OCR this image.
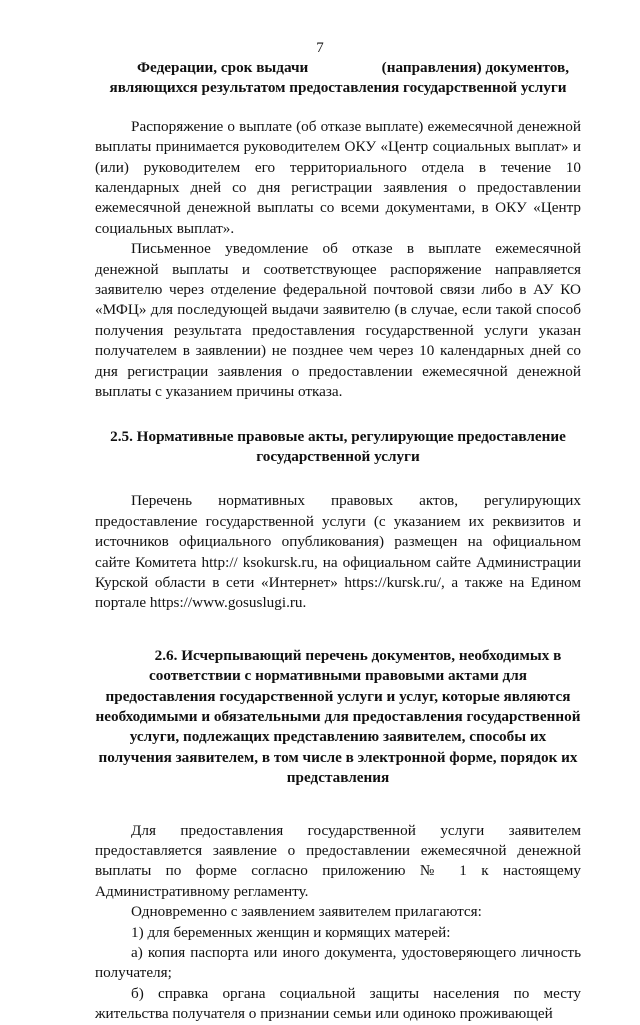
7
Федерации, срок выдачи	(направления) документов,

являющихся результатом предоставления государственной услуги

Распоряжение о выплате (об отказе выплате) ежемесячной денежной выплаты принимается руководителем ОКУ «Центр социальных выплат» и (или) руководителем его территориального отдела в течение 10 календарных дней со дня регистрации заявления о предоставлении ежемесячной денежной выплаты со всеми документами, в ОКУ «Центр социальных выплат».

Письменное уведомление об отказе в выплате ежемесячной денежной выплаты и соответствующее распоряжение направляется заявителю через отделение федеральной почтовой связи либо в АУ КО «МФЦ» для последующей выдачи заявителю (в случае, если такой способ получения результата предоставления государственной услуги указан получателем в заявлении) не позднее чем через 10 календарных дней со дня регистрации заявления о предоставлении ежемесячной денежной выплаты с указанием причины отказа.

2.5. Нормативные правовые акты, регулирующие предоставление государственной услуги

Перечень нормативных правовых актов, регулирующих предоставление государственной услуги (с указанием их реквизитов и источников официального опубликования) размещен на официальном сайте Комитета http:// ksokursk.ru, на официальном сайте Администрации Курской области в сети «Интернет» https://kursk.ru/, а также на Едином портале https://www.gosuslugi.ru.

2.6. Исчерпывающий перечень документов, необходимых в соответствии с нормативными правовыми актами для предоставления государственной услуги и услуг, которые являются необходимыми и обязательными для предоставления государственной услуги, подлежащих представлению заявителем, способы их получения заявителем, в том числе в электронной форме, порядок их представления

Для предоставления государственной услуги заявителем предоставляется заявление о предоставлении ежемесячной денежной выплаты по форме согласно приложению № 1 к настоящему Административному регламенту.

Одновременно с заявлением заявителем прилагаются:

1) для беременных женщин и кормящих матерей:

а) копия паспорта или иного документа, удостоверяющего личность получателя;

б) справка органа социальной защиты населения по месту жительства получателя о признании семьи или одиноко проживающей
